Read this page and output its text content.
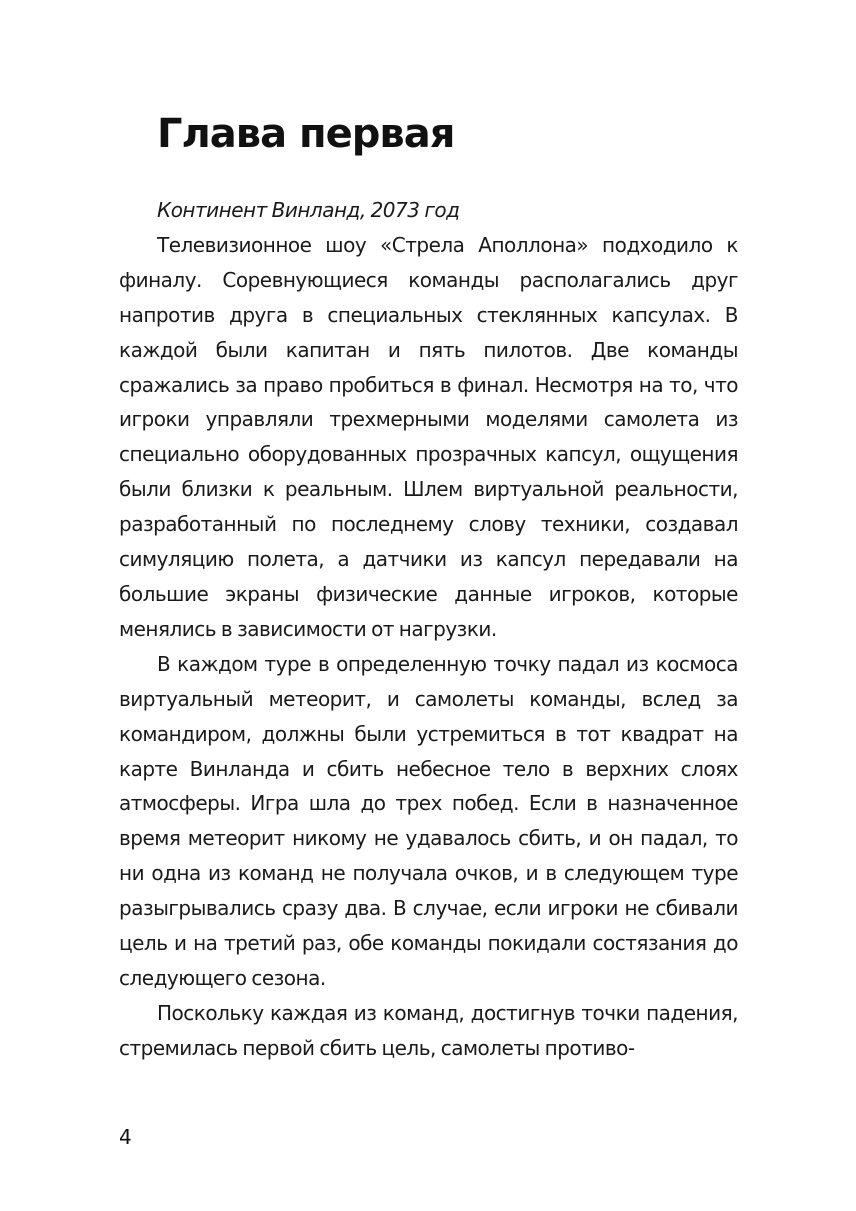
Глава первая

Континент Винланд, 2073 год

Телевизионное шоу «Стрела Аполлона» подходило к финалу. Соревнующиеся команды располагались друг напротив друга в специальных стеклянных капсулах. В каждой были капитан и пять пилотов. Две команды сражались за право пробиться в финал. Несмотря на то, что игроки управляли трехмерными моделями самолета из специально оборудованных прозрачных капсул, ощущения были близки к реальным. Шлем виртуальной реальности, разработанный по последнему слову техники, создавал симуляцию полета, а датчики из капсул передавали на большие экраны физические данные игроков, которые менялись в зависимости от нагрузки.

В каждом туре в определенную точку падал из космоса виртуальный метеорит, и самолеты команды, вслед за командиром, должны были устремиться в тот квадрат на карте Винланда и сбить небесное тело в верхних слоях атмосферы. Игра шла до трех побед. Если в назначенное время метеорит никому не удавалось сбить, и он падал, то ни одна из команд не получала очков, и в следующем туре разыгрывались сразу два. В случае, если игроки не сбивали цель и на третий раз, обе команды покидали состязания до следующего сезона.

Поскольку каждая из команд, достигнув точки падения, стремилась первой сбить цель, самолеты противо-

4
